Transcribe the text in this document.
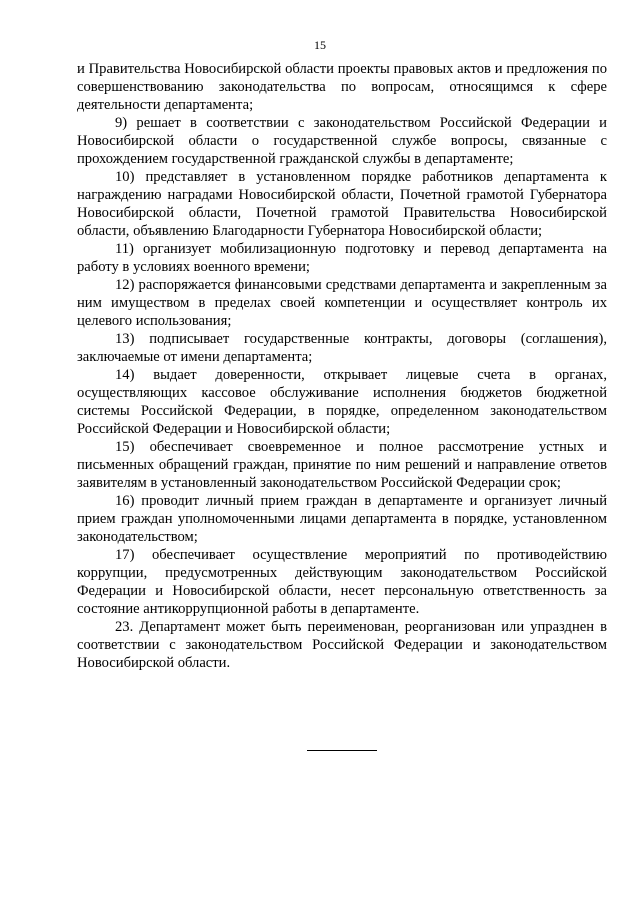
15

и Правительства Новосибирской области проекты правовых актов и предложения по совершенствованию законодательства по вопросам, относящимся к сфере деятельности департамента;

9) решает в соответствии с законодательством Российской Федерации и Новосибирской области о государственной службе вопросы, связанные с прохождением государственной гражданской службы в департаменте;

10) представляет в установленном порядке работников департамента к награждению наградами Новосибирской области, Почетной грамотой Губернатора Новосибирской области, Почетной грамотой Правительства Новосибирской области, объявлению Благодарности Губернатора Новосибирской области;

11) организует мобилизационную подготовку и перевод департамента на работу в условиях военного времени;

12) распоряжается финансовыми средствами департамента и закрепленным за ним имуществом в пределах своей компетенции и осуществляет контроль их целевого использования;

13) подписывает государственные контракты, договоры (соглашения), заключаемые от имени департамента;

14) выдает доверенности, открывает лицевые счета в органах, осуществляющих кассовое обслуживание исполнения бюджетов бюджетной системы Российской Федерации, в порядке, определенном законодательством Российской Федерации и Новосибирской области;

15) обеспечивает своевременное и полное рассмотрение устных и письменных обращений граждан, принятие по ним решений и направление ответов заявителям в установленный законодательством Российской Федерации срок;

16) проводит личный прием граждан в департаменте и организует личный прием граждан уполномоченными лицами департамента в порядке, установленном законодательством;

17) обеспечивает осуществление мероприятий по противодействию коррупции, предусмотренных действующим законодательством Российской Федерации и Новосибирской области, несет персональную ответственность за состояние антикоррупционной работы в департаменте.

23. Департамент может быть переименован, реорганизован или упразднен в соответствии с законодательством Российской Федерации и законодательством Новосибирской области.
